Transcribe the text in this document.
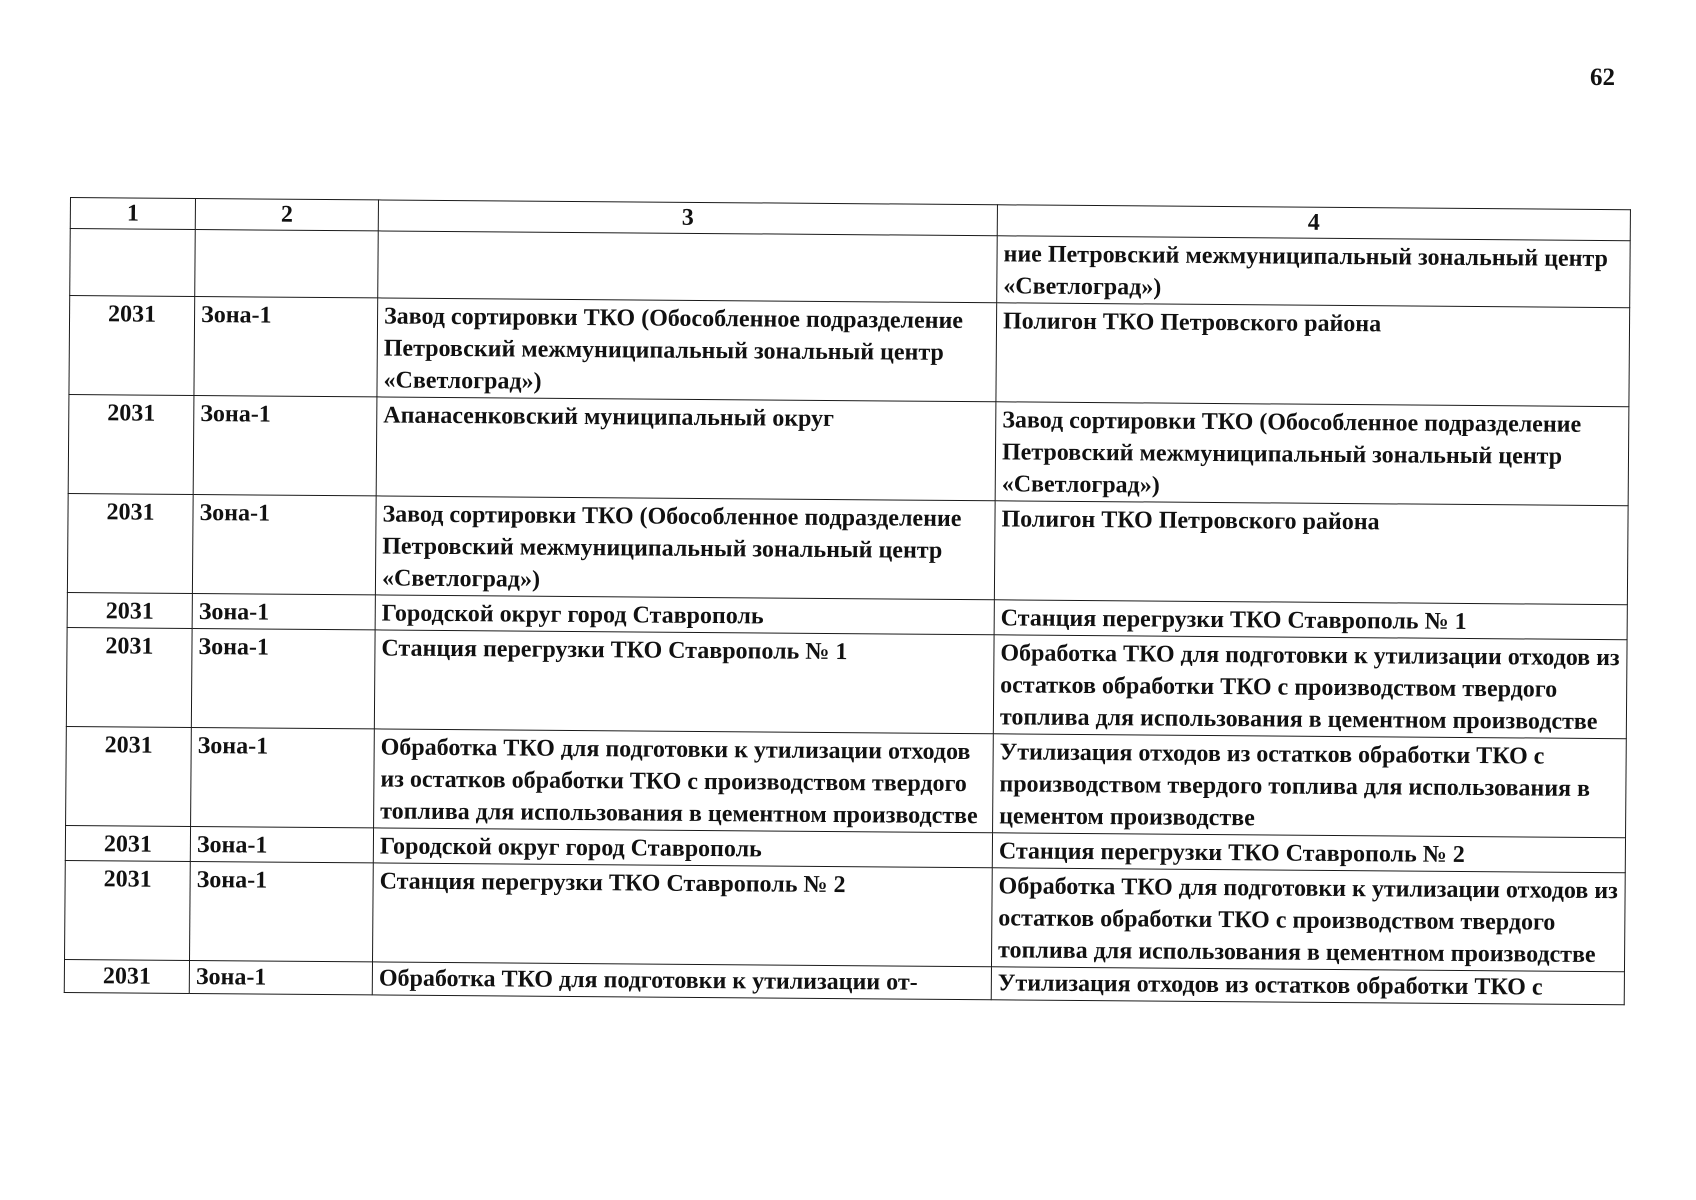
62
1	2	3	4
			ние Петровский межмуниципальный зональный центр «Светлоград»)
2031	Зона-1	Завод сортировки ТКО (Обособленное подразделение Петровский межмуниципальный зональный центр «Светлоград»)	Полигон ТКО Петровского района
2031	Зона-1	Апанасенковский муниципальный округ	Завод сортировки ТКО (Обособленное подразделение Петровский межмуниципальный зональный центр «Светлоград»)
2031	Зона-1	Завод сортировки ТКО (Обособленное подразделение Петровский межмуниципальный зональный центр «Светлоград»)	Полигон ТКО Петровского района
2031	Зона-1	Городской округ город Ставрополь	Станция перегрузки ТКО Ставрополь № 1
2031	Зона-1	Станция перегрузки ТКО Ставрополь № 1	Обработка ТКО для подготовки к утилизации отходов из остатков обработки ТКО с производством твердого топлива для использования в цементном производстве
2031	Зона-1	Обработка ТКО для подготовки к утилизации отходов из остатков обработки ТКО с производством твердого топлива для использования в цементном производстве	Утилизация отходов из остатков обработки ТКО с производством твердого топлива для использования в цементом производстве
2031	Зона-1	Городской округ город Ставрополь	Станция перегрузки ТКО Ставрополь № 2
2031	Зона-1	Станция перегрузки ТКО Ставрополь № 2	Обработка ТКО для подготовки к утилизации отходов из остатков обработки ТКО с производством твердого топлива для использования в цементном производстве
2031	Зона-1	Обработка ТКО для подготовки к утилизации от-	Утилизация отходов из остатков обработки ТКО с
